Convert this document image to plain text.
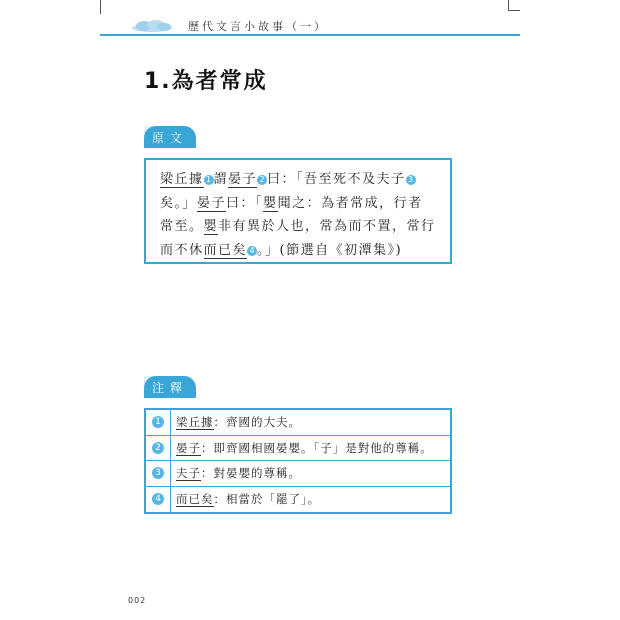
歷代文言小故事（一）
1.為者常成
原文
梁丘據 1 謂晏子 2 曰：「吾至死不及夫子 3
矣。」晏子曰：「嬰聞之：為者常成，行者
常至。嬰非有異於人也，常為而不置，常行
而不休而已矣 4 。」(節選自《初潭集》)
注釋
1 梁丘據：齊國的大夫。
2 晏子：即齊國相國晏嬰。「子」是對他的尊稱。
3 夫子：對晏嬰的尊稱。
4 而已矣：相當於「罷了」。
002
